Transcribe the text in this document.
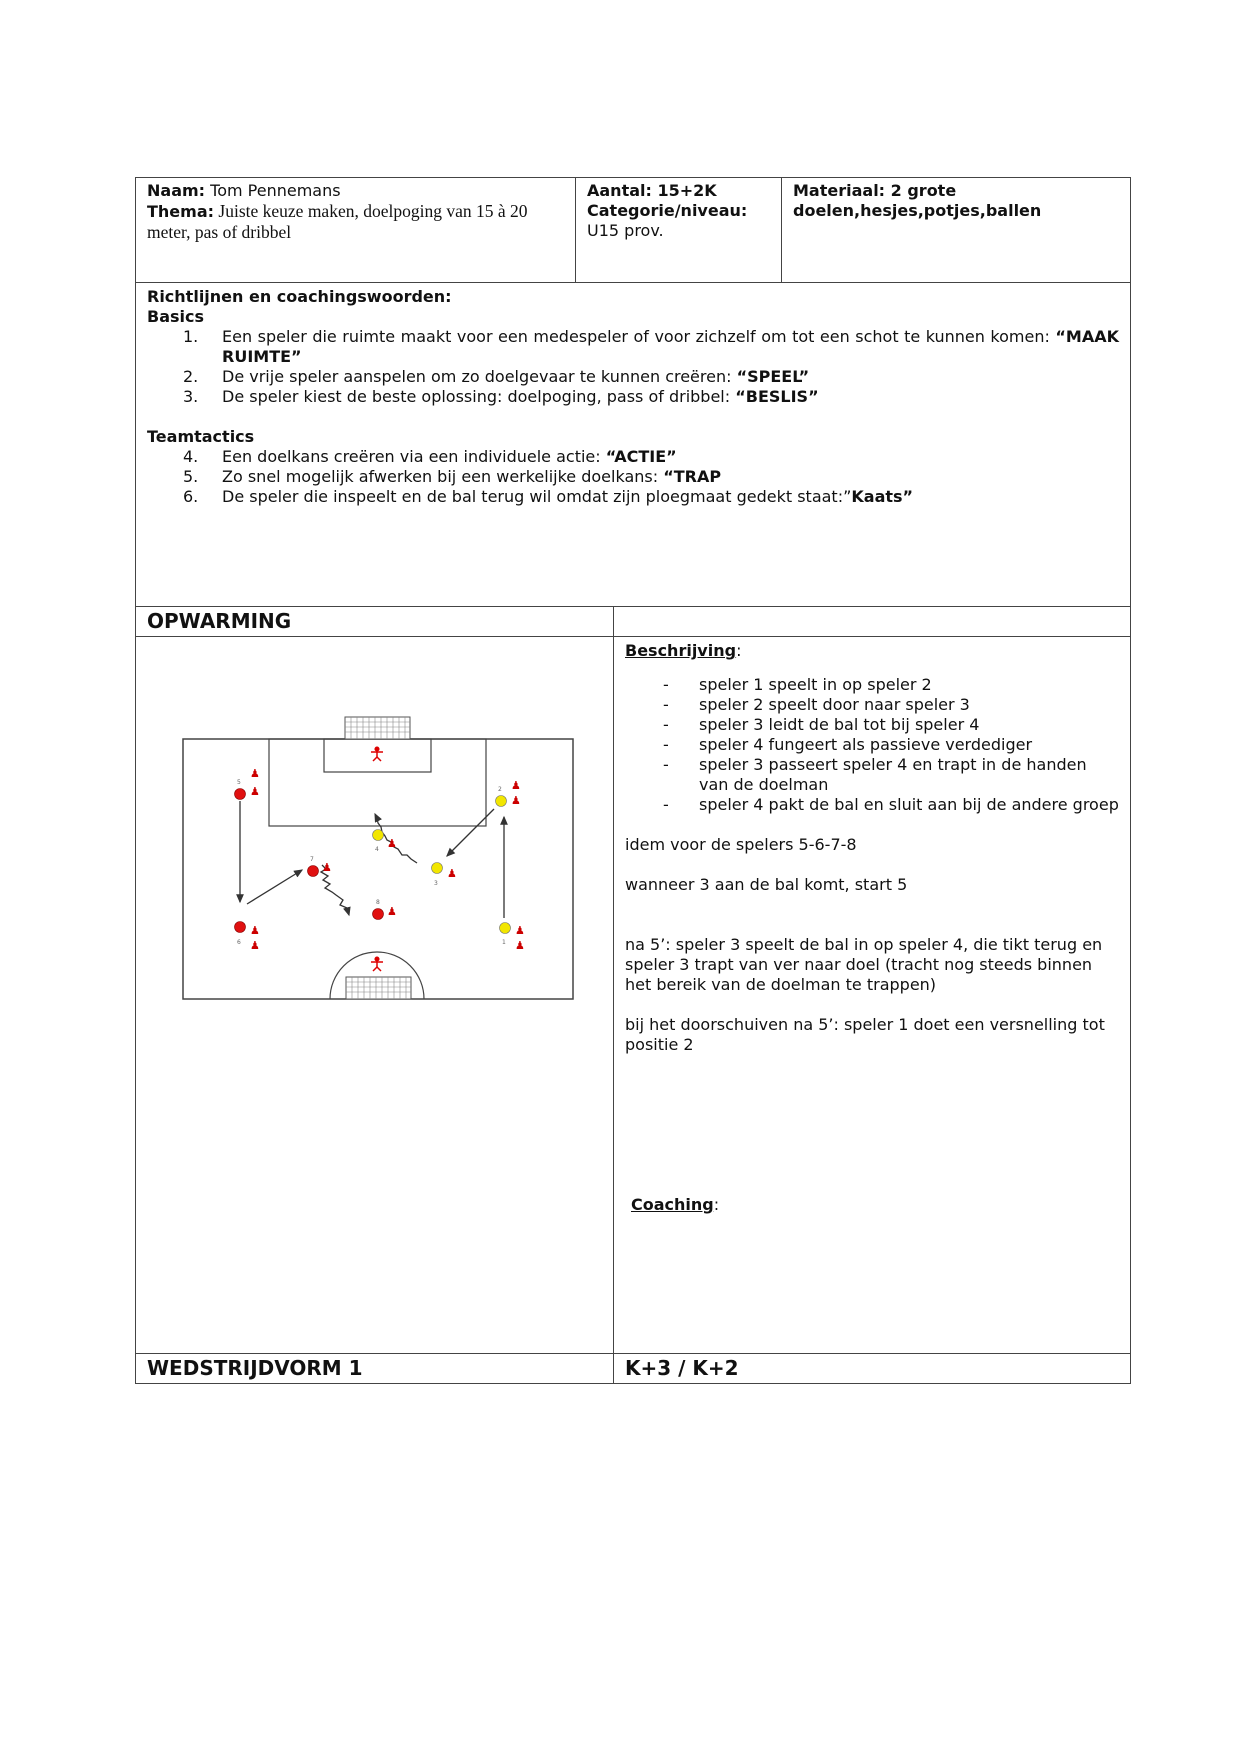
Naam: Tom Pennemans
Thema: Juiste keuze maken, doelpoging van 15 à 20 meter, pas of dribbel
Aantal: 15+2K
Categorie/niveau:
U15 prov.
Materiaal: 2 grote doelen,hesjes,potjes,ballen
Richtlijnen en coachingswoorden:
Basics
1. Een speler die ruimte maakt voor een medespeler of voor zichzelf om tot een schot te kunnen komen: “MAAK RUIMTE”
2. De vrije speler aanspelen om zo doelgevaar te kunnen creëren: “SPEEL”
3. De speler kiest de beste oplossing: doelpoging, pass of dribbel: “BESLIS”
Teamtactics
4. Een doelkans creëren via een individuele actie: “ACTIE”
5. Zo snel mogelijk afwerken bij een werkelijke doelkans: “TRAP
6. De speler die inspeelt en de bal terug wil omdat zijn ploegmaat gedekt staat:”Kaats”
OPWARMING
5
♟
♟	2 ♟
♟
4 ♟
7
♟
8
♟
3
♟
6
♟
♟	1
♟
♟

Beschrijving:

- speler 1 speelt in op speler 2
- speler 2 speelt door naar speler 3
- speler 3 leidt de bal tot bij speler 4
- speler 4 fungeert als passieve verdediger
- speler 3 passeert speler 4 en trapt in de handen van de doelman
- speler 4 pakt de bal en sluit aan bij de andere groep

idem voor de spelers 5-6-7-8

wanneer 3 aan de bal komt, start 5

na 5’: speler 3 speelt de bal in op speler 4, die tikt terug en speler 3 trapt van ver naar doel (tracht nog steeds binnen het bereik van de doelman te trappen)

bij het doorschuiven na 5’: speler 1 doet een versnelling tot positie 2

Coaching:

WEDSTRIJDVORM 1	K+3 / K+2
